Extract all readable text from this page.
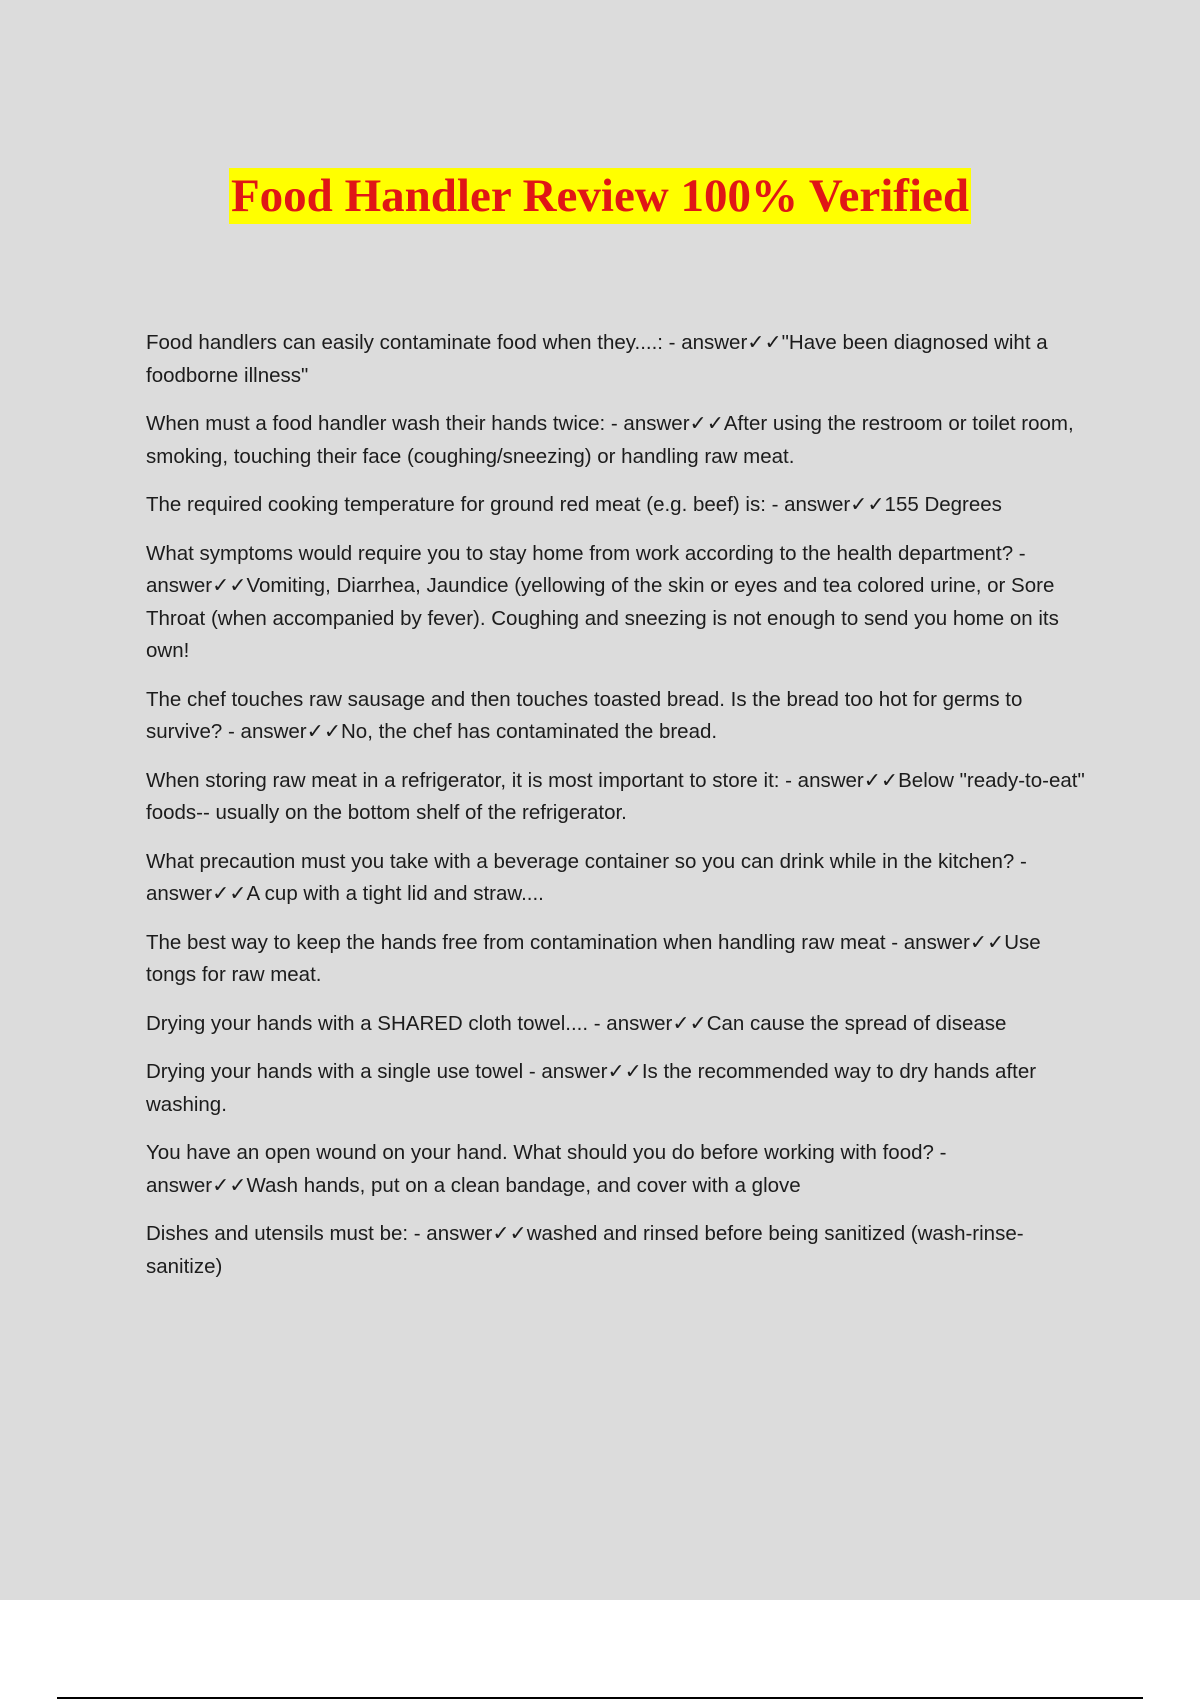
Food Handler Review 100% Verified

Food handlers can easily contaminate food when they....: - answer✓✓"Have been diagnosed wiht a foodborne illness"

When must a food handler wash their hands twice: - answer✓✓After using the restroom or toilet room, smoking, touching their face (coughing/sneezing) or handling raw meat.

The required cooking temperature for ground red meat (e.g. beef) is: - answer✓✓155 Degrees

What symptoms would require you to stay home from work according to the health department? - answer✓✓Vomiting, Diarrhea, Jaundice (yellowing of the skin or eyes and tea colored urine, or Sore Throat (when accompanied by fever). Coughing and sneezing is not enough to send you home on its own!

The chef touches raw sausage and then touches toasted bread. Is the bread too hot for germs to survive? - answer✓✓No, the chef has contaminated the bread.

When storing raw meat in a refrigerator, it is most important to store it: - answer✓✓Below "ready-to-eat" foods-- usually on the bottom shelf of the refrigerator.

What precaution must you take with a beverage container so you can drink while in the kitchen? - answer✓✓A cup with a tight lid and straw....

The best way to keep the hands free from contamination when handling raw meat - answer✓✓Use tongs for raw meat.

Drying your hands with a SHARED cloth towel.... - answer✓✓Can cause the spread of disease

Drying your hands with a single use towel - answer✓✓Is the recommended way to dry hands after washing.

You have an open wound on your hand. What should you do before working with food? - answer✓✓Wash hands, put on a clean bandage, and cover with a glove

Dishes and utensils must be: - answer✓✓washed and rinsed before being sanitized (wash-rinse-sanitize)
